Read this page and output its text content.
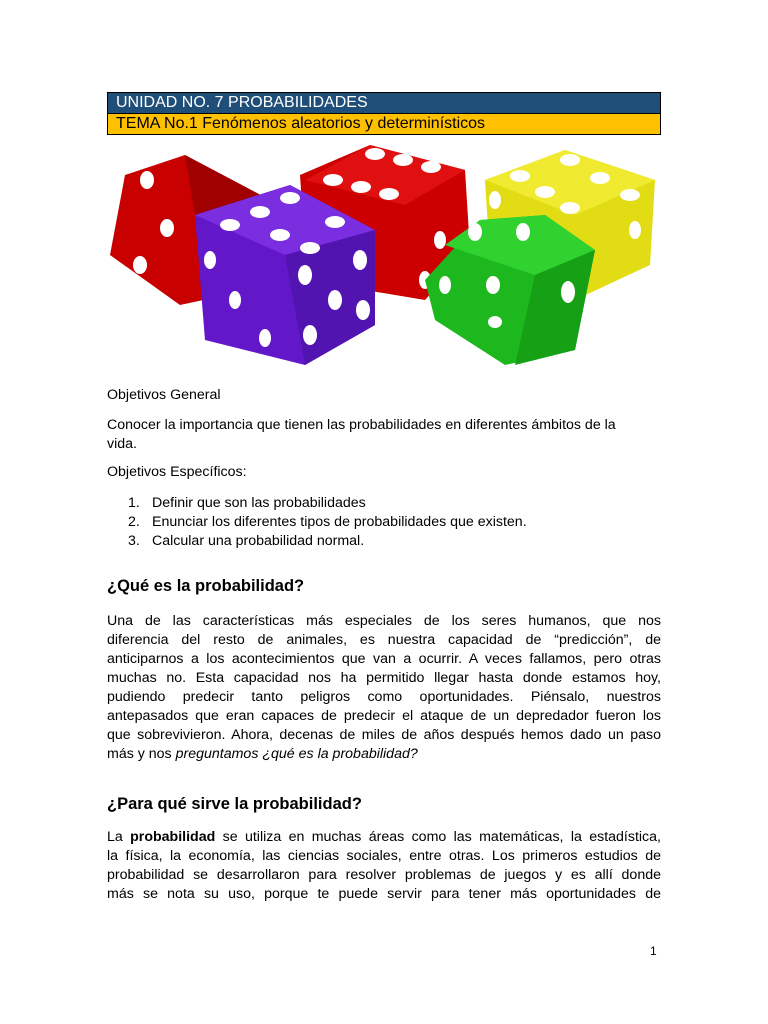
UNIDAD NO. 7 PROBABILIDADES
TEMA No.1 Fenómenos aleatorios y determinísticos
Objetivos General
Conocer la importancia que tienen las probabilidades en diferentes ámbitos de la
vida.
Objetivos Específicos:
1. Definir que son las probabilidades
2. Enunciar los diferentes tipos de probabilidades que existen.
3. Calcular una probabilidad normal.
¿Qué es la probabilidad?
Una de las características más especiales de los seres humanos, que nos
diferencia del resto de animales, es nuestra capacidad de “predicción”, de
anticiparnos a los acontecimientos que van a ocurrir. A veces fallamos, pero otras
muchas no. Esta capacidad nos ha permitido llegar hasta donde estamos hoy,
pudiendo predecir tanto peligros como oportunidades. Piénsalo, nuestros
antepasados que eran capaces de predecir el ataque de un depredador fueron los
que sobrevivieron. Ahora, decenas de miles de años después hemos dado un paso
más y nos preguntamos ¿qué es la probabilidad?
¿Para qué sirve la probabilidad?
La probabilidad se utiliza en muchas áreas como las matemáticas, la estadística,
la física, la economía, las ciencias sociales, entre otras. Los primeros estudios de
probabilidad se desarrollaron para resolver problemas de juegos y es allí donde
más se nota su uso, porque te puede servir para tener más oportunidades de
1
